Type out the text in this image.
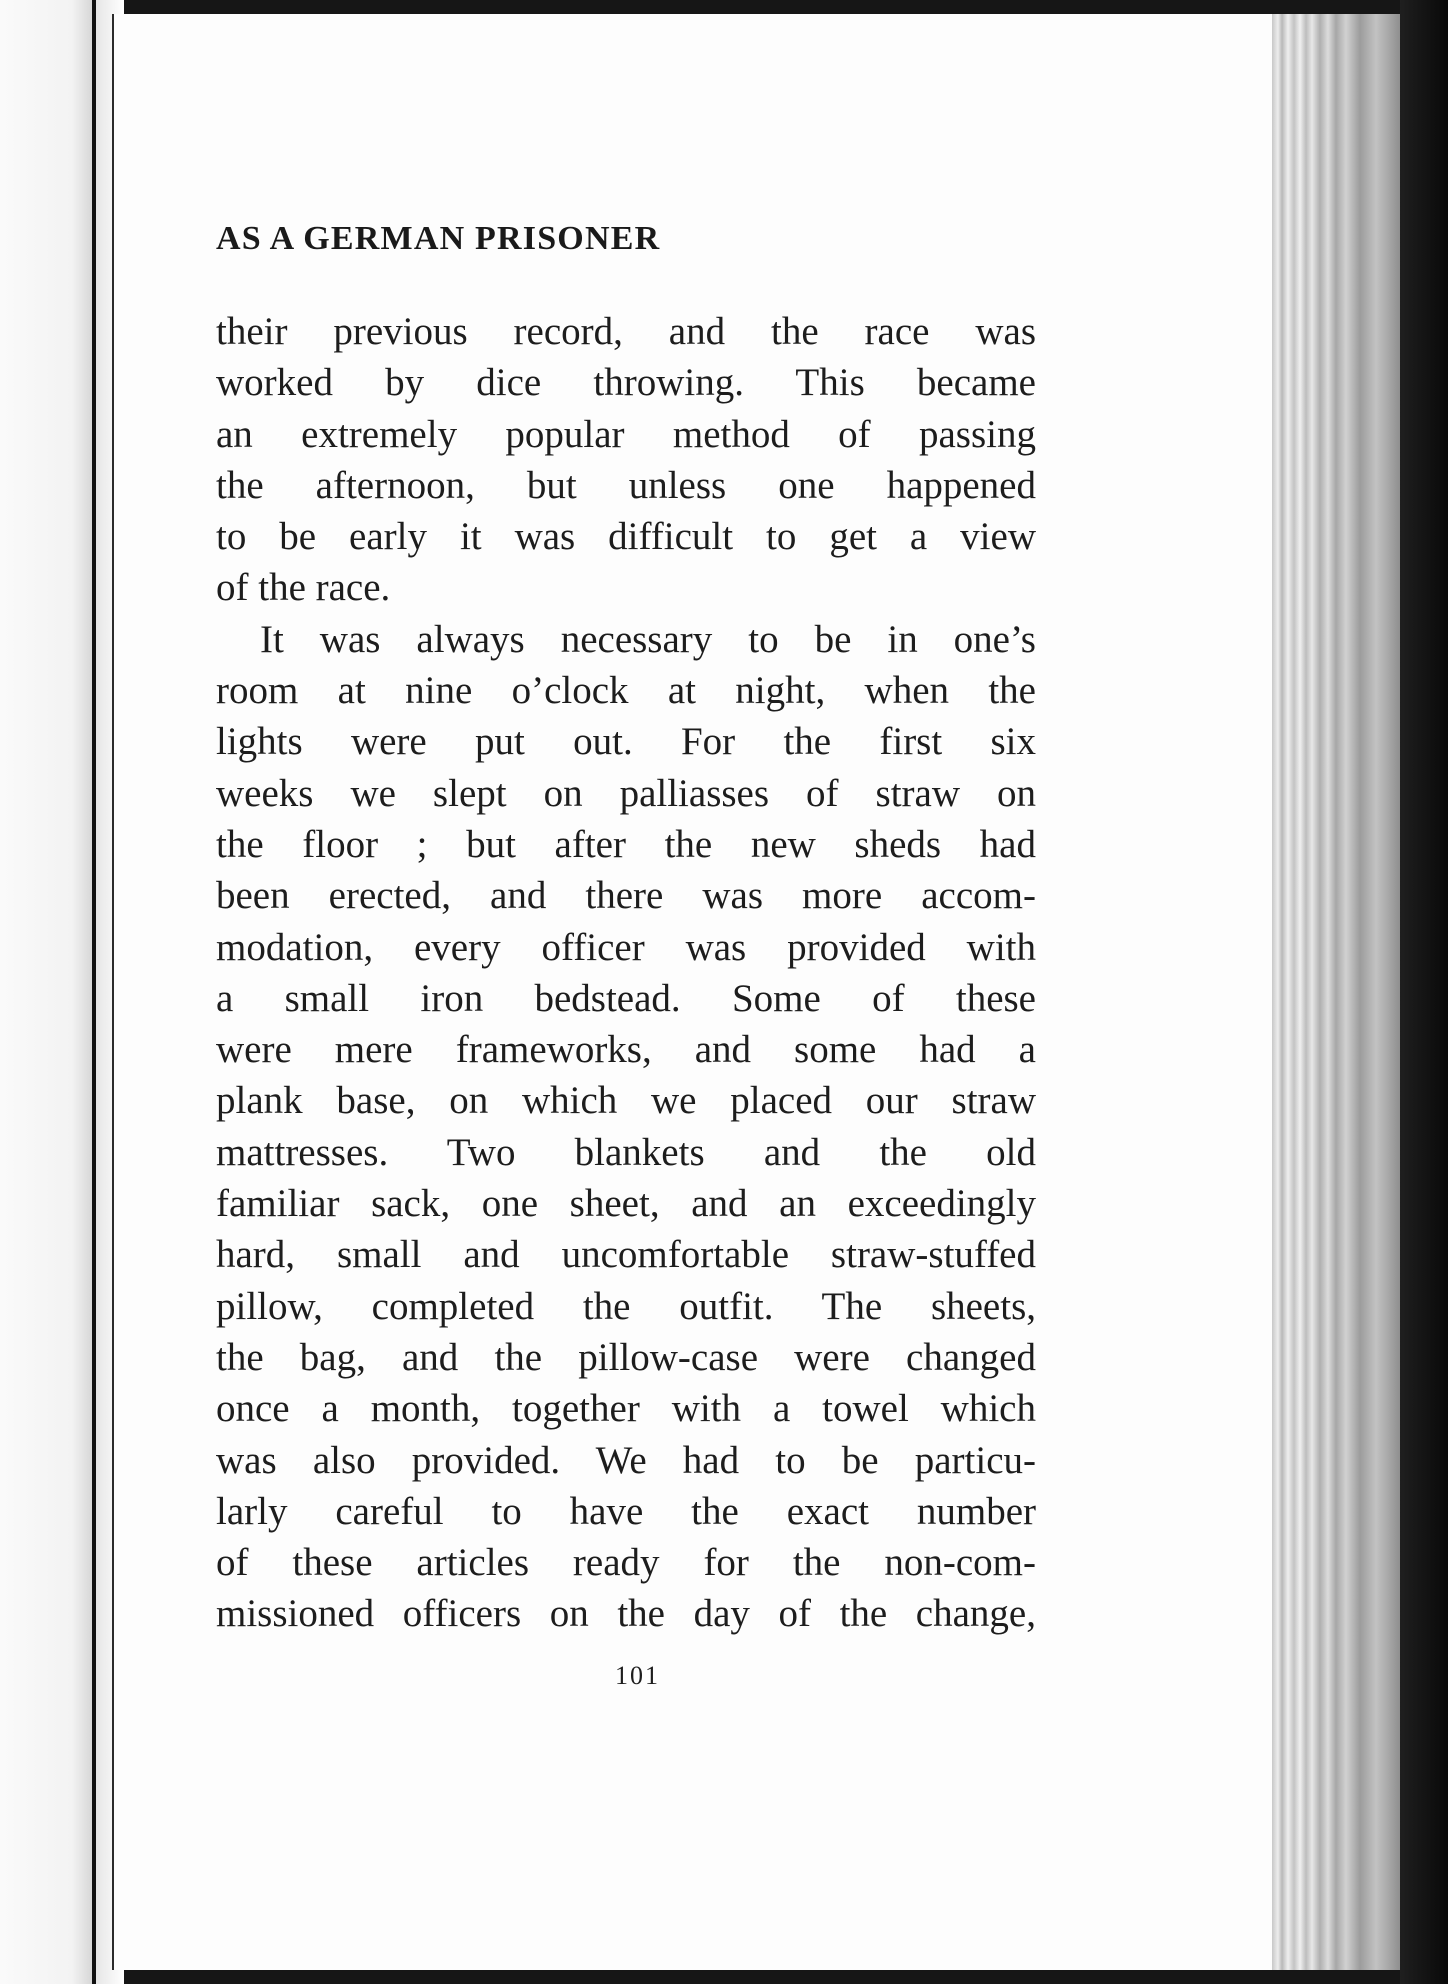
AS A GERMAN PRISONER

their previous record, and the race was
worked by dice throwing. This became
an extremely popular method of passing
the afternoon, but unless one happened
to be early it was difficult to get a view
of the race.

It was always necessary to be in one’s
room at nine o’clock at night, when the
lights were put out. For the first six
weeks we slept on palliasses of straw on
the floor ; but after the new sheds had
been erected, and there was more accom-
modation, every officer was provided with
a small iron bedstead. Some of these
were mere frameworks, and some had a
plank base, on which we placed our straw
mattresses. Two blankets and the old
familiar sack, one sheet, and an exceedingly
hard, small and uncomfortable straw-stuffed
pillow, completed the outfit. The sheets,
the bag, and the pillow-case were changed
once a month, together with a towel which
was also provided. We had to be particu-
larly careful to have the exact number
of these articles ready for the non-com-
missioned officers on the day of the change,

101
